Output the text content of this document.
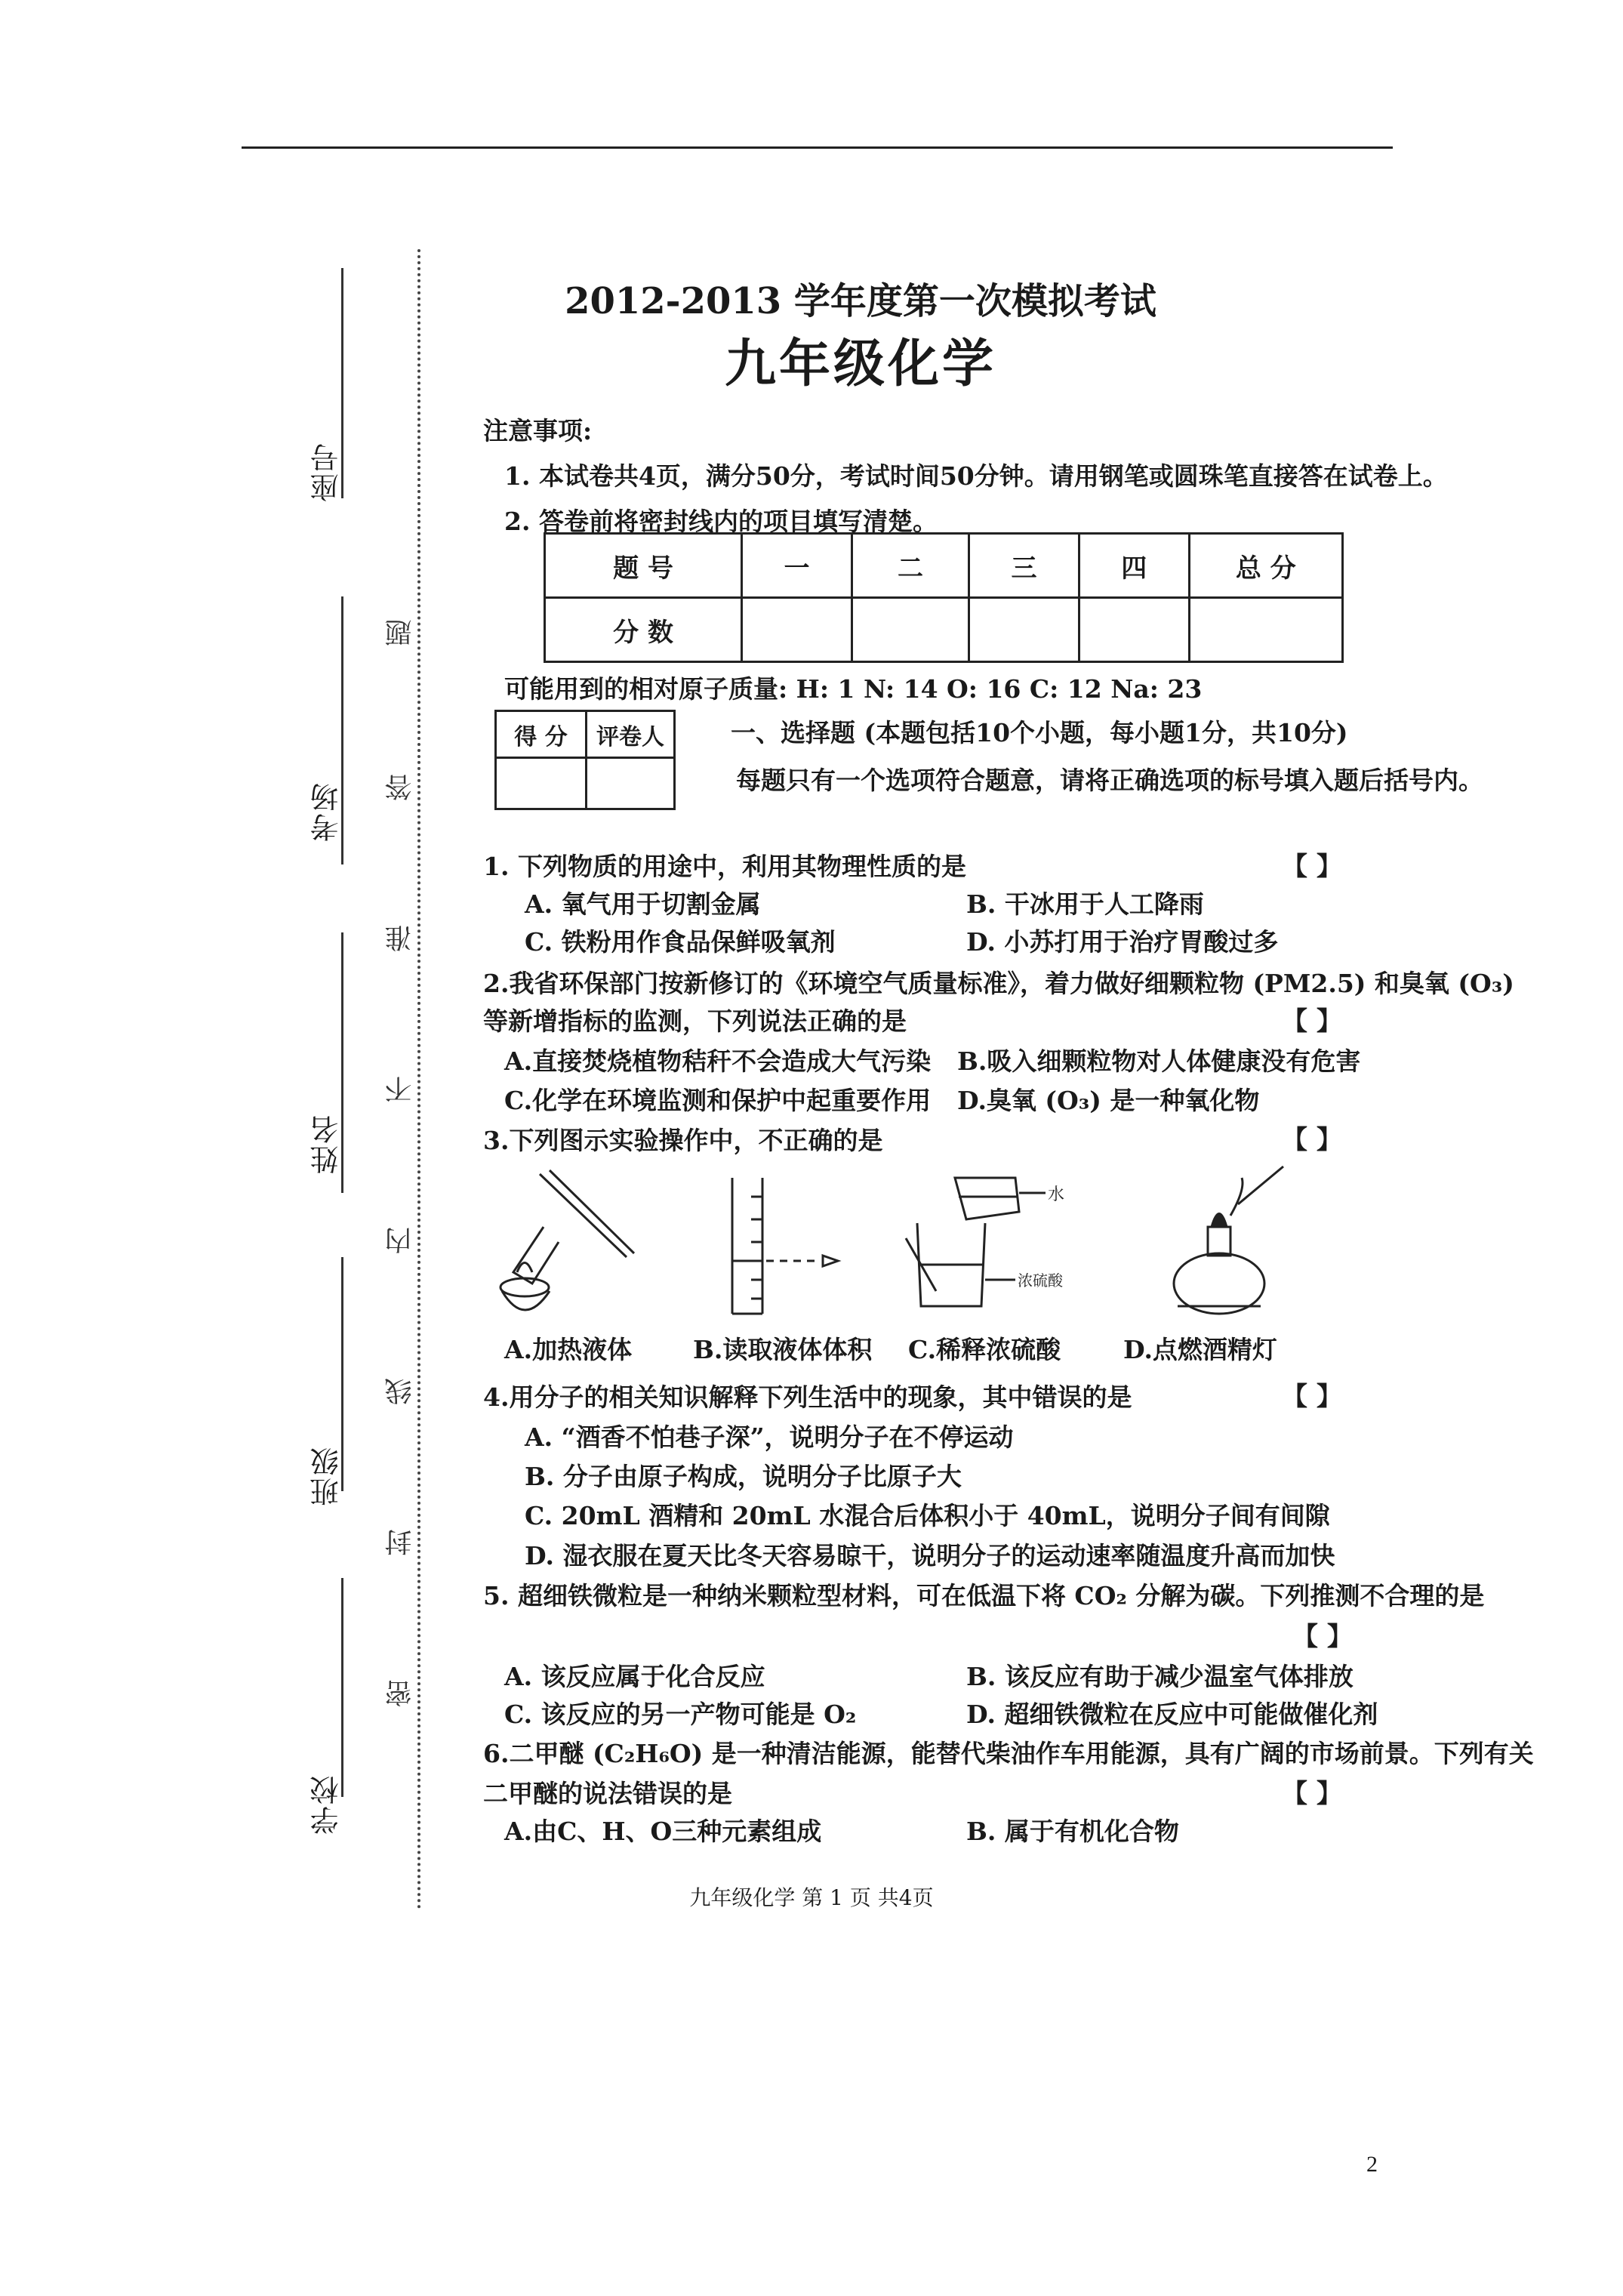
座号
考场
姓名
班级
学校
题
答
准
不
内
线
封
密
2012-2013 学年度第一次模拟考试
九年级化学
注意事项:
1. 本试卷共4页，满分50分，考试时间50分钟。请用钢笔或圆珠笔直接答在试卷上。
2. 答卷前将密封线内的项目填写清楚。
题 号	一	二	三	四	总 分
分 数					
可能用到的相对原子质量: H: 1 N: 14 O: 16 C: 12 Na: 23
得 分	评卷人
		一、选择题 (本题包括10个小题，每小题1分，共10分)
每题只有一个选项符合题意，请将正确选项的标号填入题后括号内。
1. 下列物质的用途中，利用其物理性质的是	【 】
A. 氧气用于切割金属	B. 干冰用于人工降雨
C. 铁粉用作食品保鲜吸氧剂	D. 小苏打用于治疗胃酸过多
2.我省环保部门按新修订的《环境空气质量标准》，着力做好细颗粒物 (PM2.5) 和臭氧 (O₃)
等新增指标的监测，下列说法正确的是	【 】
A.直接焚烧植物秸秆不会造成大气污染 B.吸入细颗粒物对人体健康没有危害
C.化学在环境监测和保护中起重要作用 D.臭氧 (O₃) 是一种氧化物
3.下列图示实验操作中，不正确的是	【 】
水
浓硫酸
A.加热液体 B.读取液体体积 C.稀释浓硫酸	D.点燃酒精灯
4.用分子的相关知识解释下列生活中的现象，其中错误的是	【 】
A. “酒香不怕巷子深”，说明分子在不停运动
B. 分子由原子构成，说明分子比原子大
C. 20mL 酒精和 20mL 水混合后体积小于 40mL，说明分子间有间隙
D. 湿衣服在夏天比冬天容易晾干，说明分子的运动速率随温度升高而加快
5. 超细铁微粒是一种纳米颗粒型材料，可在低温下将 CO₂ 分解为碳。下列推测不合理的是
【 】
A. 该反应属于化合反应	B. 该反应有助于减少温室气体排放
C. 该反应的另一产物可能是 O₂	D. 超细铁微粒在反应中可能做催化剂
6.二甲醚 (C₂H₆O) 是一种清洁能源，能替代柴油作车用能源，具有广阔的市场前景。下列有关
二甲醚的说法错误的是	【 】
A.由C、H、O三种元素组成	B. 属于有机化合物
九年级化学 第 1 页 共4页
2
